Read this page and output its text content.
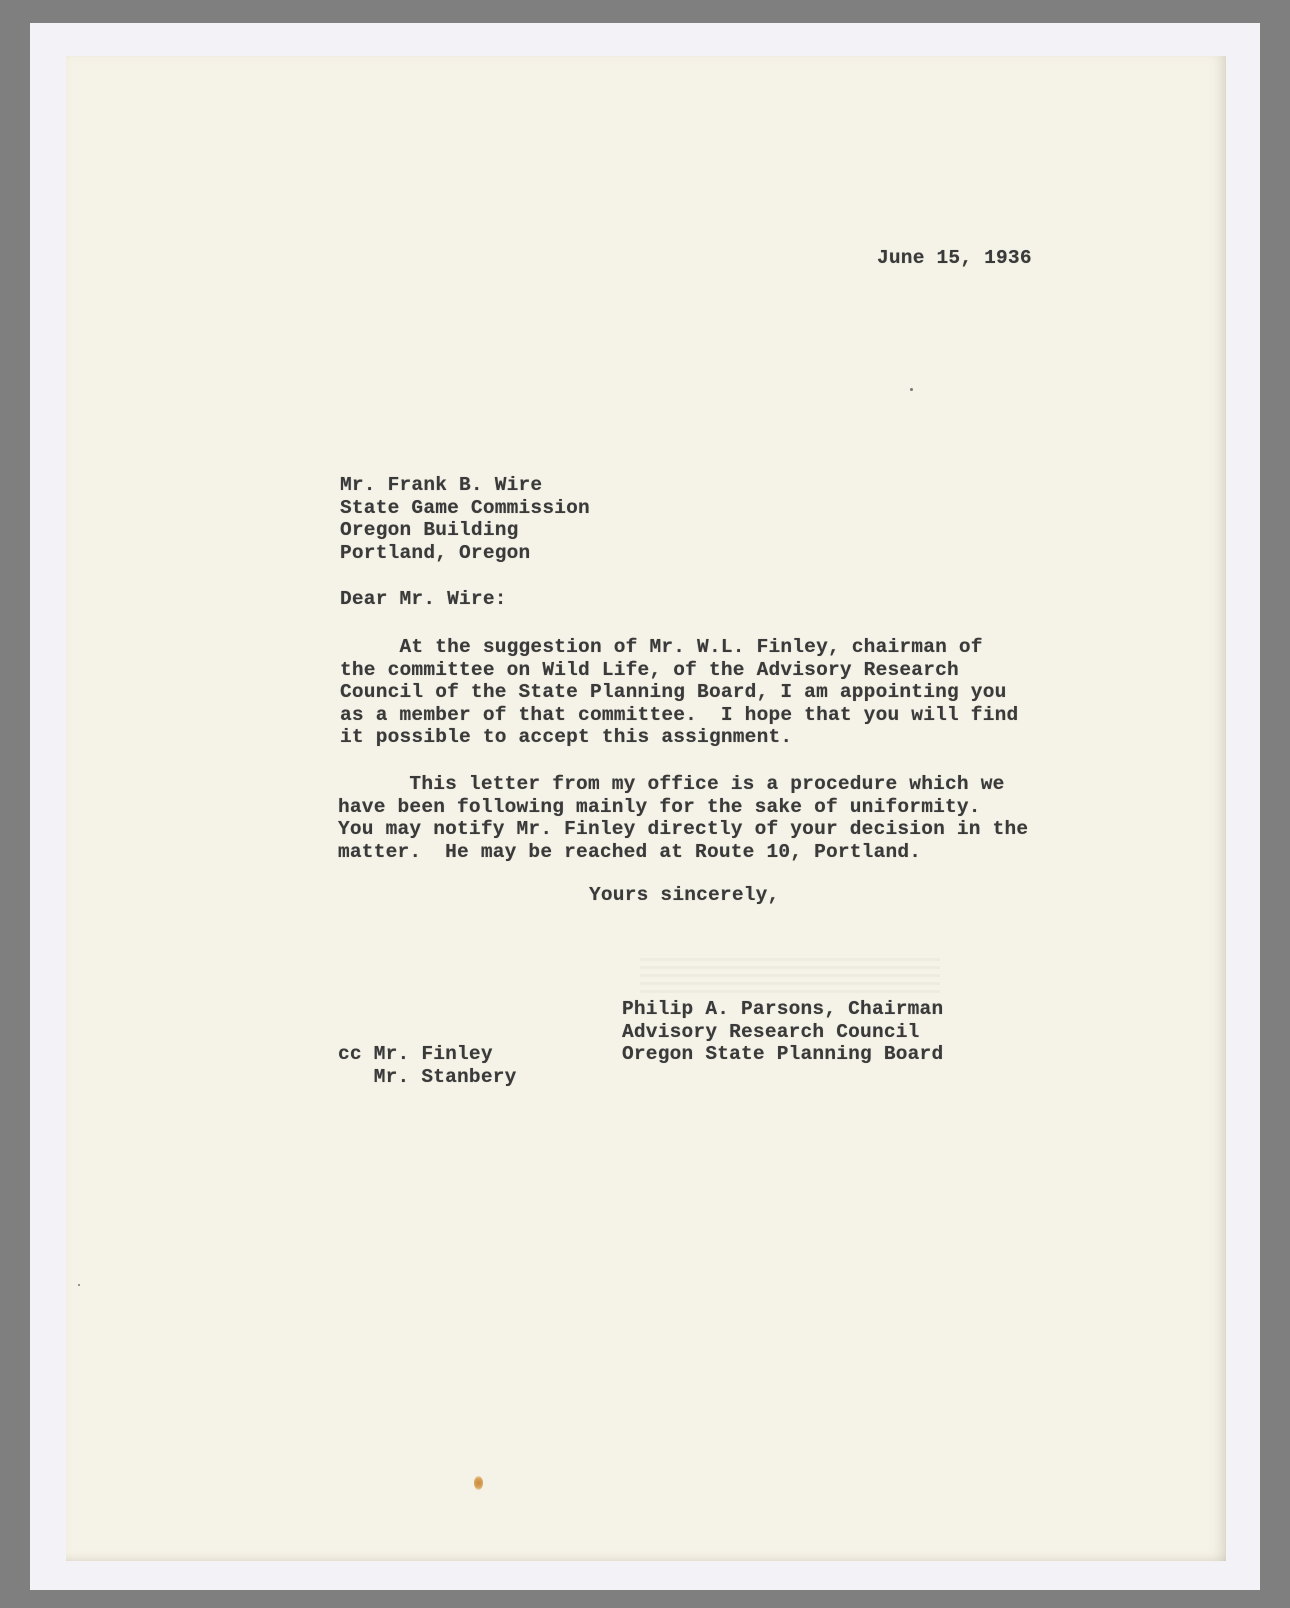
June 15, 1936
Mr. Frank B. Wire
State Game Commission
Oregon Building
Portland, Oregon
Dear Mr. Wire:
At the suggestion of Mr. W.L. Finley, chairman of
the committee on Wild Life, of the Advisory Research
Council of the State Planning Board, I am appointing you
as a member of that committee.  I hope that you will find
it possible to accept this assignment.
This letter from my office is a procedure which we
have been following mainly for the sake of uniformity.
You may notify Mr. Finley directly of your decision in the
matter.  He may be reached at Route 10, Portland.
Yours sincerely,
Philip A. Parsons, Chairman
Advisory Research Council
Oregon State Planning Board
cc Mr. Finley
Mr. Stanbery
